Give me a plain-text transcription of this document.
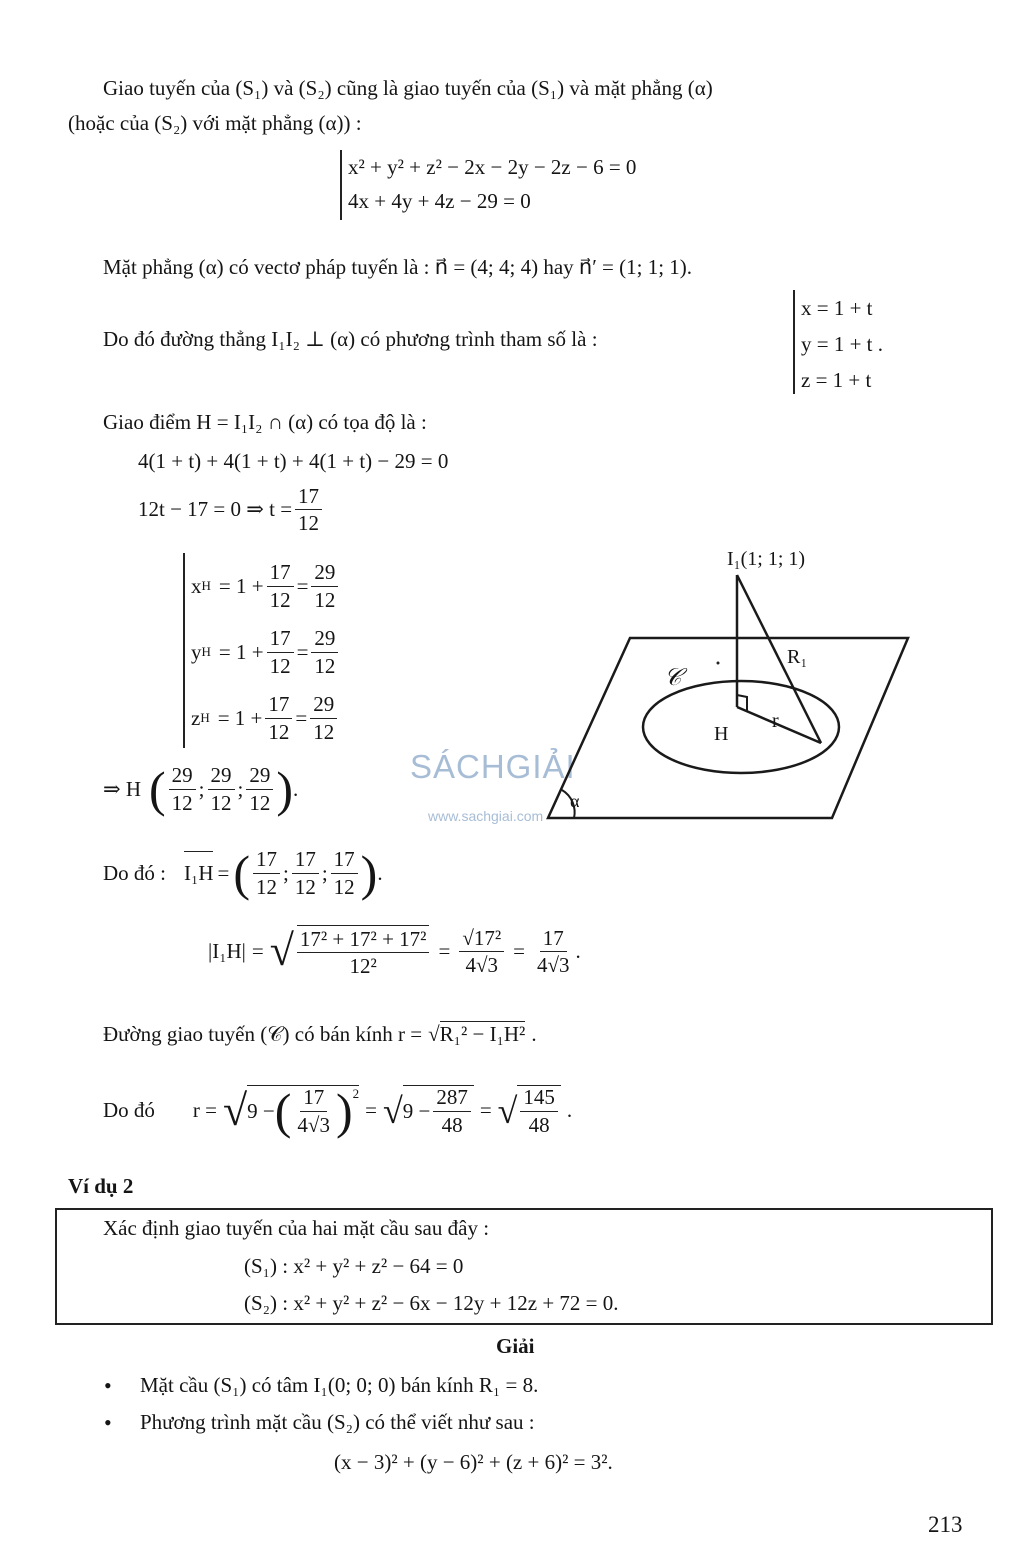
Giao tuyến của (S₁) và (S₂) cũng là giao tuyến của (S₁) và mặt phẳng (α)
(hoặc của (S₂) với mặt phẳng (α)) :
x² + y² + z² − 2x − 2y − 2z − 6 = 0
4x + 4y + 4z − 29 = 0
Mặt phẳng (α) có vectơ pháp tuyến là : n⃗ = (4; 4; 4) hay n⃗′ = (1; 1; 1).
Do đó đường thẳng I₁I₂ ⊥ (α) có phương trình tham số là :
x = 1 + t
y = 1 + t .
z = 1 + t
Giao điểm H = I₁I₂ ∩ (α) có tọa độ là :
4(1 + t) + 4(1 + t) + 4(1 + t) − 29 = 0
12t − 17 = 0 ⇒ $t = \frac{17}{12}$
x $H = 1 + \frac{17}{12} = \frac{29}{12}$
y $H = 1 + \frac{17}{12} = \frac{29}{12}$
z $H = 1 + \frac{17}{12} = \frac{29}{12}$
⇒ H ( $\frac{29}{12}$ ; $\frac{29}{12}$ ; $\frac{29}{12}$ ) .
SÁCHGIẢI
www.sachgiai.com
I₁(1; 1; 1)
R₁
𝒞
H
r
α
Do đó : I₁H = ( $\frac{17}{12}$ ; $\frac{17}{12}$ ; $\frac{17}{12}$ ) .
|I₁H| = √ $\frac{\text{17² + 17² + 17²}}{\text{12²}} = \frac{\text{√17²}}{4√3} = \frac{17}{4√3}$ .
Đường giao tuyến (𝒞) có bán kính r = √R₁² − I₁H² .
Do đó r = √ 9 − ( $\frac{17}{4√3} )^2$
= √ $9 - \frac{287}{48}$ = √ $\frac{145}{48}$ .
Ví dụ 2
Xác định giao tuyến của hai mặt cầu sau đây :
(S₁) : x² + y² + z² − 64 = 0
(S₂) : x² + y² + z² − 6x − 12y + 12z + 72 = 0.
Giải
• Mặt cầu (S₁) có tâm I₁(0; 0; 0) bán kính R₁ = 8.
• Phương trình mặt cầu (S₂) có thể viết như sau :
(x − 3)² + (y − 6)² + (z + 6)² = 3².
213
